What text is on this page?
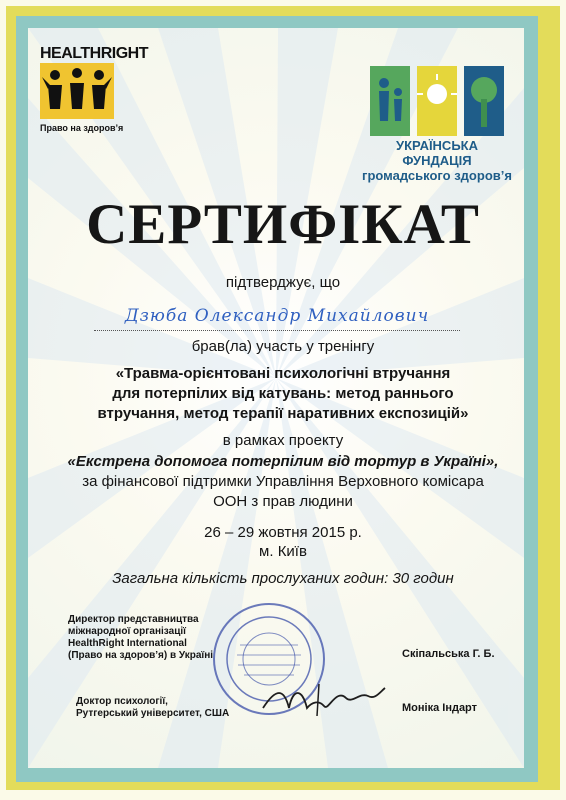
HEALTHRIGHT
Право на здоров’я
УКРАЇНСЬКА ФУНДАЦІЯ
громадського здоров’я
СЕРТИФІКАТ
підтверджує, що
Дзюба Олександр Михайлович
брав(ла) участь у тренінгу
«Травма-орієнтовані психологічні втручання
для потерпілих від катувань: метод раннього
втручання, метод терапії наративних експозицій»
в рамках проекту
«Екстрена допомога потерпілим від тортур в Україні»,
за фінансової підтримки Управління Верховного комісара
ООН з прав людини
26 – 29 жовтня 2015 р.
м. Київ
Загальна кількість прослуханих годин: 30 годин
Директор представництва
міжнародної організації
HealthRight International
(Право на здоров’я) в Україні	Скіпальська Г. Б.
Доктор психології,
Рутгерський університет, США	Моніка Індарт
